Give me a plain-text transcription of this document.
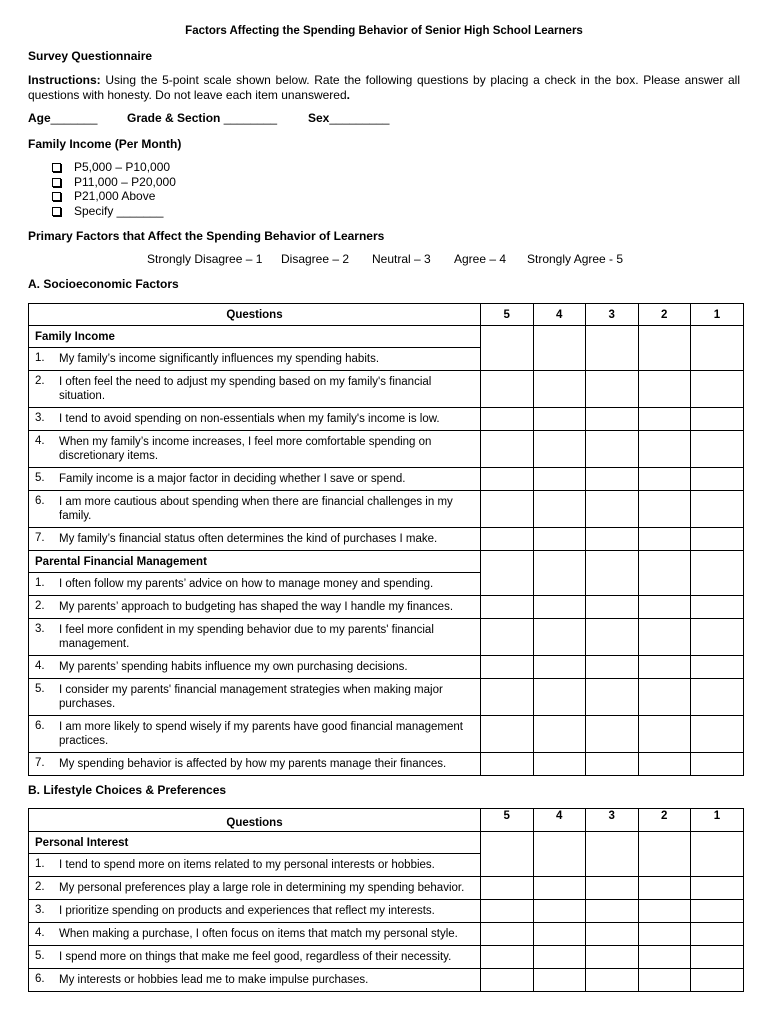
Factors Affecting the Spending Behavior of Senior High School Learners
Survey Questionnaire
Instructions: Using the 5-point scale shown below. Rate the following questions by placing a check in the box. Please answer all questions with honesty. Do not leave each item unanswered.
Age_______ Grade & Section ________	Sex_________
Family Income (Per Month)
P5,000 – P10,000
P11,000 – P20,000
P21,000 Above
Specify _______
Primary Factors that Affect the Spending Behavior of Learners
Strongly Disagree – 1 Disagree – 2 Neutral – 3 Agree – 4 Strongly Agree - 5
A. Socioeconomic Factors
B. Lifestyle Choices & Preferences
Questions	5	4	3	2	1
Family Income					
1. My family’s income significantly influences my spending habits.					
2. I often feel the need to adjust my spending based on my family's financial situation.					
3. I tend to avoid spending on non-essentials when my family's income is low.					
4. When my family’s income increases, I feel more comfortable spending on discretionary items.					
5. Family income is a major factor in deciding whether I save or spend.					
6. I am more cautious about spending when there are financial challenges in my family.					
7. My family’s financial status often determines the kind of purchases I make.					
Parental Financial Management					
1. I often follow my parents’ advice on how to manage money and spending.					
2. My parents’ approach to budgeting has shaped the way I handle my finances.					
3. I feel more confident in my spending behavior due to my parents' financial management.					
4. My parents’ spending habits influence my own purchasing decisions.					
5. I consider my parents' financial management strategies when making major purchases.					
6. I am more likely to spend wisely if my parents have good financial management practices.					
7. My spending behavior is affected by how my parents manage their finances.					
Questions	5	4	3	2	1
Personal Interest					
1. I tend to spend more on items related to my personal interests or hobbies.					
2. My personal preferences play a large role in determining my spending behavior.					
3. I prioritize spending on products and experiences that reflect my interests.					
4. When making a purchase, I often focus on items that match my personal style.					
5. I spend more on things that make me feel good, regardless of their necessity.					
6. My interests or hobbies lead me to make impulse purchases.					
